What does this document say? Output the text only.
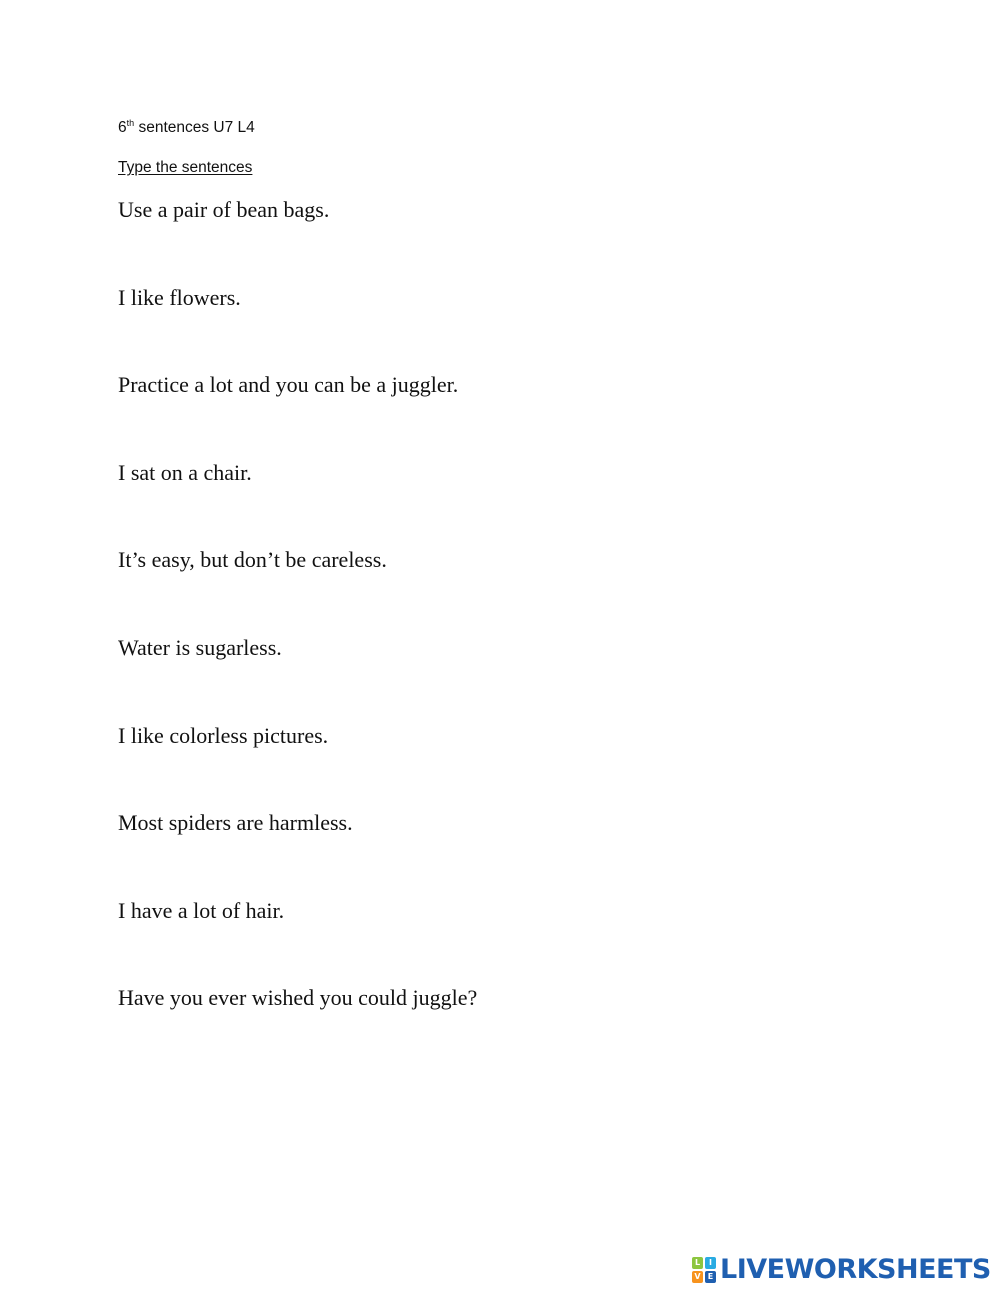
6th sentences U7 L4
Type the sentences
Use a pair of bean bags.
I like flowers.
Practice a lot and you can be a juggler.
I sat on a chair.
It’s easy, but don’t be careless.
Water is sugarless.
I like colorless pictures.
Most spiders are harmless.
I have a lot of hair.
Have you ever wished you could juggle?
L	I
V E LIVEWORKSHEETS
